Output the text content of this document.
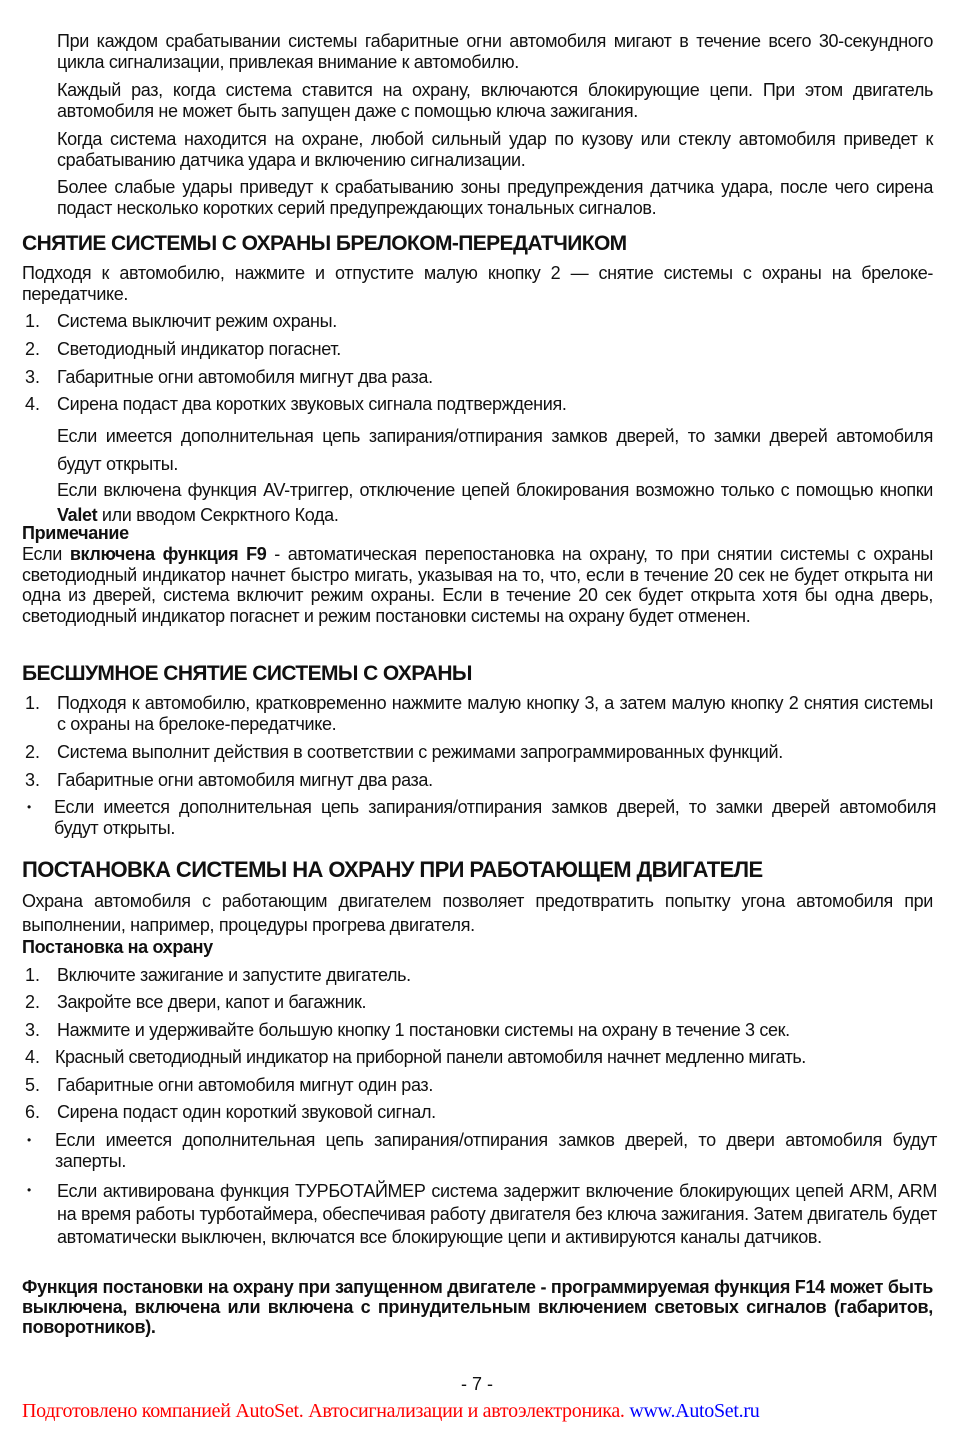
При каждом срабатывании системы габаритные огни автомобиля мигают в течение всего 30-секундного цикла сигнализации, привлекая внимание к автомобилю.
Каждый раз, когда система ставится на охрану, включаются блокирующие цепи. При этом двигатель автомобиля не может быть запущен даже с помощью ключа зажигания.
Когда система находится на охране, любой сильный удар по кузову или стеклу автомобиля приведет к срабатыванию датчика удара и включению сигнализации.
Более слабые удары приведут к срабатыванию зоны предупреждения датчика удара, после чего сирена подаст несколько коротких серий предупреждающих тональных сигналов.
СНЯТИЕ СИСТЕМЫ С ОХРАНЫ БРЕЛОКОМ-ПЕРЕДАТЧИКОМ
Подходя к автомобилю, нажмите и отпустите малую кнопку 2 — снятие системы с охраны на брелоке-передатчике.
1. Система выключит режим охраны.
2. Светодиодный индикатор погаснет.
3. Габаритные огни автомобиля мигнут два раза.
4. Сирена подаст два коротких звуковых сигнала подтверждения.
Если имеется дополнительная цепь запирания/отпирания замков дверей, то замки дверей автомобиля будут открыты.
Если включена функция AV-триггер, отключение цепей блокирования возможно только с помощью кнопки Valet или вводом Секрктного Кода.
Примечание
Если включена функция F9 - автоматическая перепостановка на охрану, то при снятии системы с охраны светодиодный индикатор начнет быстро мигать, указывая на то, что, если в течение 20 сек не будет открыта ни одна из дверей, система включит режим охраны. Если в течение 20 сек будет открыта хотя бы одна дверь, светодиодный индикатор погаснет и режим постановки системы на охрану будет отменен.
БЕСШУМНОЕ СНЯТИЕ СИСТЕМЫ С ОХРАНЫ
1. Подходя к автомобилю, кратковременно нажмите малую кнопку 3, а затем малую кнопку 2 снятия системы с охраны на брелоке-передатчике.
2. Система выполнит действия в соответствии с режимами запрограммированных функций.
3. Габаритные огни автомобиля мигнут два раза.
• Если имеется дополнительная цепь запирания/отпирания замков дверей, то замки дверей автомобиля будут открыты.
ПОСТАНОВКА СИСТЕМЫ НА ОХРАНУ ПРИ РАБОТАЮЩЕМ ДВИГАТЕЛЕ
Охрана автомобиля с работающим двигателем позволяет предотвратить попытку угона автомобиля при выполнении, например, процедуры прогрева двигателя.
Постановка на охрану
1. Включите зажигание и запустите двигатель.
2. Закройте все двери, капот и багажник.
3. Нажмите и удерживайте большую кнопку 1 постановки системы на охрану в течение 3 сек.
4. Красный светодиодный индикатор на приборной панели автомобиля начнет медленно мигать.
5. Габаритные огни автомобиля мигнут один раз.
6. Сирена подаст один короткий звуковой сигнал.
• Если имеется дополнительная цепь запирания/отпирания замков дверей, то двери автомобиля будут заперты.
• Если активирована функция ТУРБОТАЙМЕР система задержит включение блокирующих цепей ARM, ARM на время работы турботаймера, обеспечивая работу двигателя без ключа зажигания. Затем двигатель будет автоматически выключен, включатся все блокирующие цепи и активируются каналы датчиков.
Функция постановки на охрану при запущенном двигателе - программируемая функция F14 может быть выключена, включена или включена с принудительным включением световых сигналов (габаритов, поворотников).
- 7 -
Подготовлено компанией AutoSet. Автосигнализации и автоэлектроника. www.AutoSet.ru
